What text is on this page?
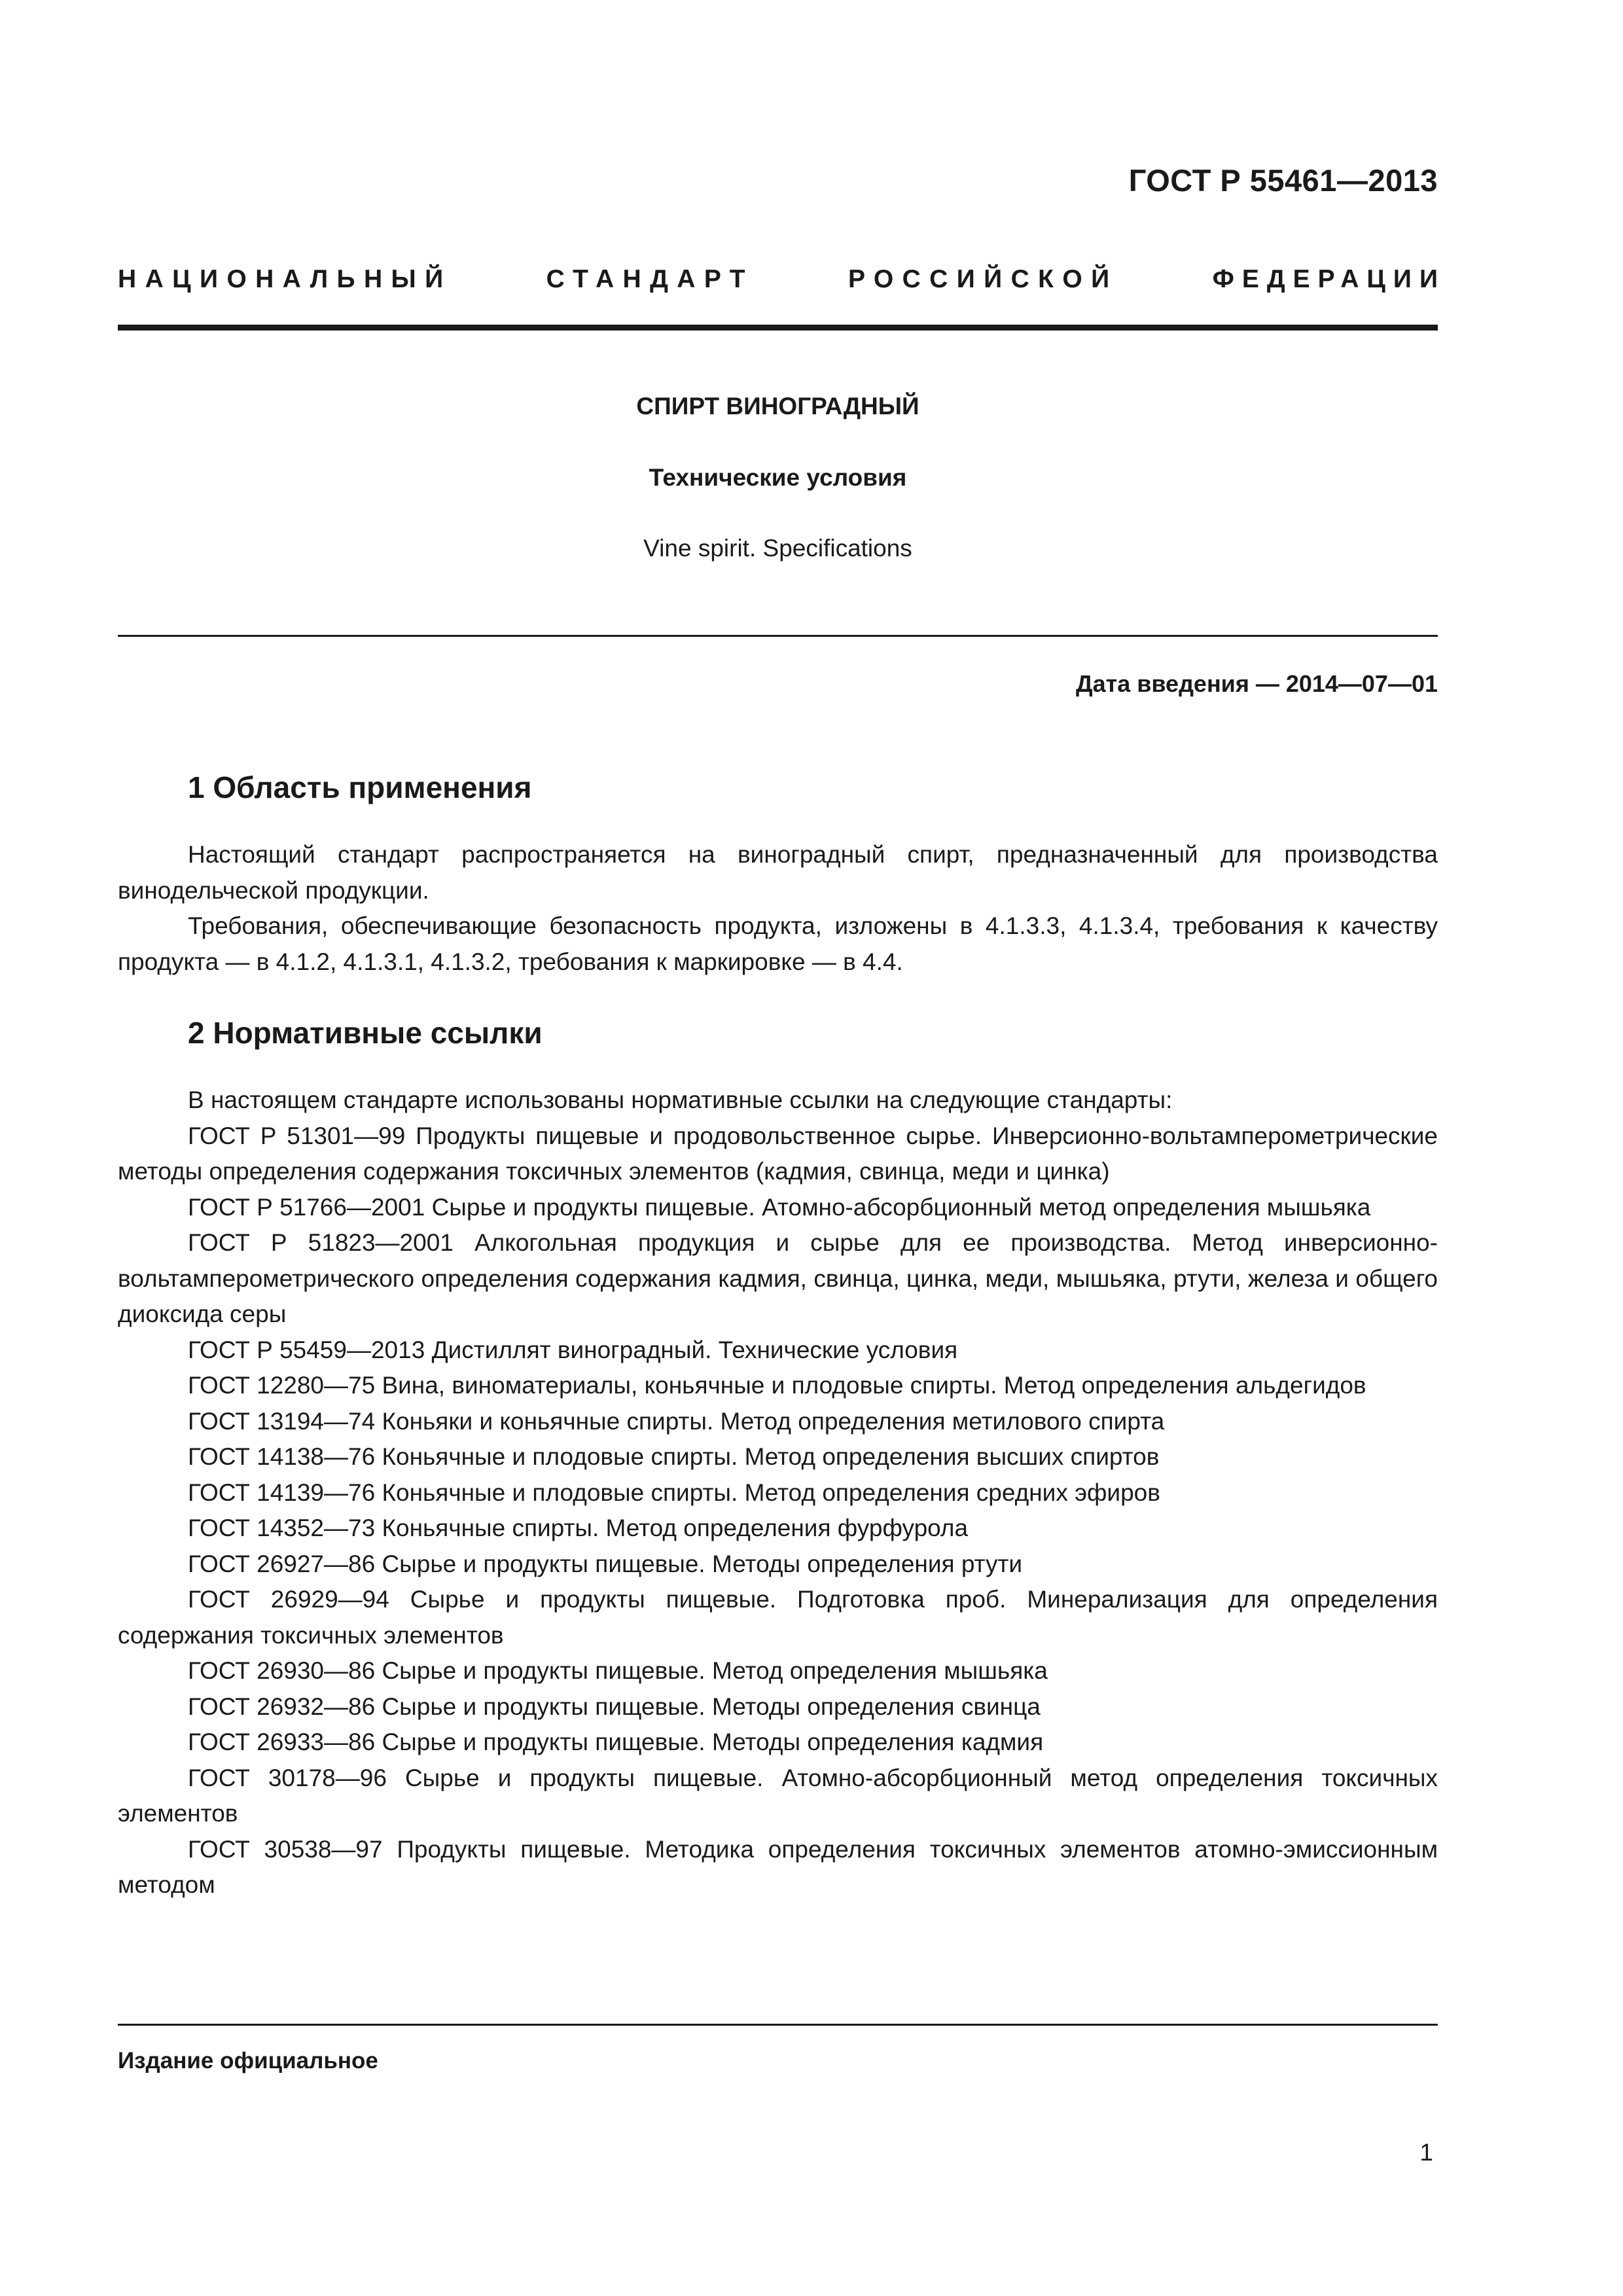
ГОСТ Р 55461—2013
НАЦИОНАЛЬНЫЙ	СТАНДАРТ	РОССИЙСКОЙ	ФЕДЕРАЦИИ
СПИРТ ВИНОГРАДНЫЙ
Технические условия
Vine spirit. Specifications
Дата введения — 2014—07—01
1 Область применения

Настоящий стандарт распространяется на виноградный спирт, предназначенный для производства винодельческой продукции.

Требования, обеспечивающие безопасность продукта, изложены в 4.1.3.3, 4.1.3.4, требования к качеству продукта — в 4.1.2, 4.1.3.1, 4.1.3.2, требования к маркировке — в 4.4.

2 Нормативные ссылки

В настоящем стандарте использованы нормативные ссылки на следующие стандарты:

ГОСТ Р 51301—99 Продукты пищевые и продовольственное сырье. Инверсионно-вольтамперометрические методы определения содержания токсичных элементов (кадмия, свинца, меди и цинка)

ГОСТ Р 51766—2001 Сырье и продукты пищевые. Атомно-абсорбционный метод определения мышьяка

ГОСТ Р 51823—2001 Алкогольная продукция и сырье для ее производства. Метод инверсионно-вольтамперометрического определения содержания кадмия, свинца, цинка, меди, мышьяка, ртути, железа и общего диоксида серы

ГОСТ Р 55459—2013 Дистиллят виноградный. Технические условия

ГОСТ 12280—75 Вина, виноматериалы, коньячные и плодовые спирты. Метод определения альдегидов

ГОСТ 13194—74 Коньяки и коньячные спирты. Метод определения метилового спирта

ГОСТ 14138—76 Коньячные и плодовые спирты. Метод определения высших спиртов

ГОСТ 14139—76 Коньячные и плодовые спирты. Метод определения средних эфиров

ГОСТ 14352—73 Коньячные спирты. Метод определения фурфурола

ГОСТ 26927—86 Сырье и продукты пищевые. Методы определения ртути

ГОСТ 26929—94 Сырье и продукты пищевые. Подготовка проб. Минерализация для определения содержания токсичных элементов

ГОСТ 26930—86 Сырье и продукты пищевые. Метод определения мышьяка

ГОСТ 26932—86 Сырье и продукты пищевые. Методы определения свинца

ГОСТ 26933—86 Сырье и продукты пищевые. Методы определения кадмия

ГОСТ 30178—96 Сырье и продукты пищевые. Атомно-абсорбционный метод определения токсичных элементов

ГОСТ 30538—97 Продукты пищевые. Методика определения токсичных элементов атомно-эмиссионным методом

Издание официальное
1
